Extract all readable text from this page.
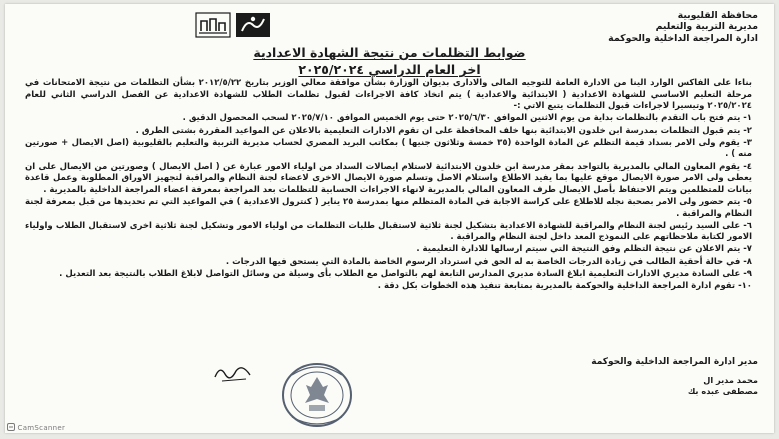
محافظة القليوبية
مديرية التربية والتعليم
ادارة المراجعة الداخلية والحوكمة
ضوابط التظلمات من نتيجة الشهادة الاعدادية
اخر العام الدراسي ٢٠٢٥/٢٠٢٤

بناءا على الفاكس الوارد الينا من الادارة العامة للتوجيه المالى والادارى بديوان الوزارة بشأن موافقة معالي الوزير بتاريخ ٢٠١٢/٥/٢٢ بشأن التظلمات من نتيجة الامتحانات في مرحلة التعليم الاساسي للشهادة الاعدادية ( الابتدائية والاعدادية ) يتم اتخاذ كافة الاجراءات لقبول تظلمات الطلاب للشهادة الاعدادية عن الفصل الدراسي الثاني للعام ٢٠٢٥/٢٠٢٤ وتيسيرا لاجراءات قبول التظلمات يتبع الاتي :-

١- يتم فتح باب التقدم بالتظلمات بداية من يوم الاثنين الموافق ٢٠٢٥/٦/٣٠ حتى يوم الخميس الموافق ٢٠٢٥/٧/١٠ لسحب المحصول الدقيق .

٢- يتم قبول التظلمات بمدرسة ابن خلدون الابتدائية بنها خلف المحافظة على ان تقوم الادارات التعليمية بالاعلان عن المواعيد المقررة بشتى الطرق .

٣- يقوم ولى الامر بسداد قيمة التظلم عن المادة الواحدة (٣٥ خمسة وثلاثون جنيها ) بمكاتب البريد المصري لحساب مديرية التربية والتعليم بالقليوبية (اصل الايصال + صورتين منه ) .

٤- يقوم المعاون المالي بالمديرية بالتواجد بمقر مدرسة ابن خلدون الابتدائية لاستلام ايصالات السداد من اولياء الامور عبارة عن ( اصل الايصال ) وصورتين من الايصال على ان يعطى ولى الامر صورة الايصال موقع عليها بما يفيد الاطلاع واستلام الاصل وتسلم صورة الايصال الاخرى لاعضاء لجنة النظام والمراقبة لتجهيز الاوراق المطلوبة وعمل قاعدة بيانات للمتظلمين ويتم الاحتفاظ بأصل الايصال طرف المعاون المالي بالمديرية لانهاء الاجراءات الحسابية للتظلمات بعد المراجعة بمعرفة اعضاء المراجعة الداخلية بالمديرية .

٥- يتم حضور ولى الامر بصحبة نجله للاطلاع على كراسة الاجابة في المادة المتظلم منها بمدرسة ٢٥ يناير ( كنترول الاعدادية ) في المواعيد التي تم تحديدها من قبل بمعرفة لجنة النظام والمراقبة .

٦- على السيد رئيس لجنة النظام والمراقبة للشهادة الاعدادية بتشكيل لجنة ثلاثية لاستقبال طلبات التظلمات من اولياء الامور وتشكيل لجنة ثلاثية اخرى لاستقبال الطلاب واولياء الامور لكتابة ملاحظاتهم على النموذج المعد داخل لجنة النظام والمراقبة .

٧- يتم الاعلان عن نتيجة التظلم وفق النتيجة التي سيتم ارسالها للادارة التعليمية .

٨- في حالة أحقية الطالب في زيادة الدرجات الخاصة به له الحق في استرداد الرسوم الخاصة بالمادة التي يستحق فيها الدرجات .

٩- على السادة مديري الادارات التعليمية ابلاغ السادة مديري المدارس التابعة لهم بالتواصل مع الطلاب بأى وسيلة من وسائل التواصل لابلاغ الطلاب بالنتيجة بعد التعديل .

١٠- تقوم ادارة المراجعة الداخلية والحوكمة بالمديرية بمتابعة تنفيذ هذه الخطوات بكل دقة .

مدير ادارة المراجعة الداخلية والحوكمة
محمد مدير ال
مصطفى عبده بك
CamScanner
